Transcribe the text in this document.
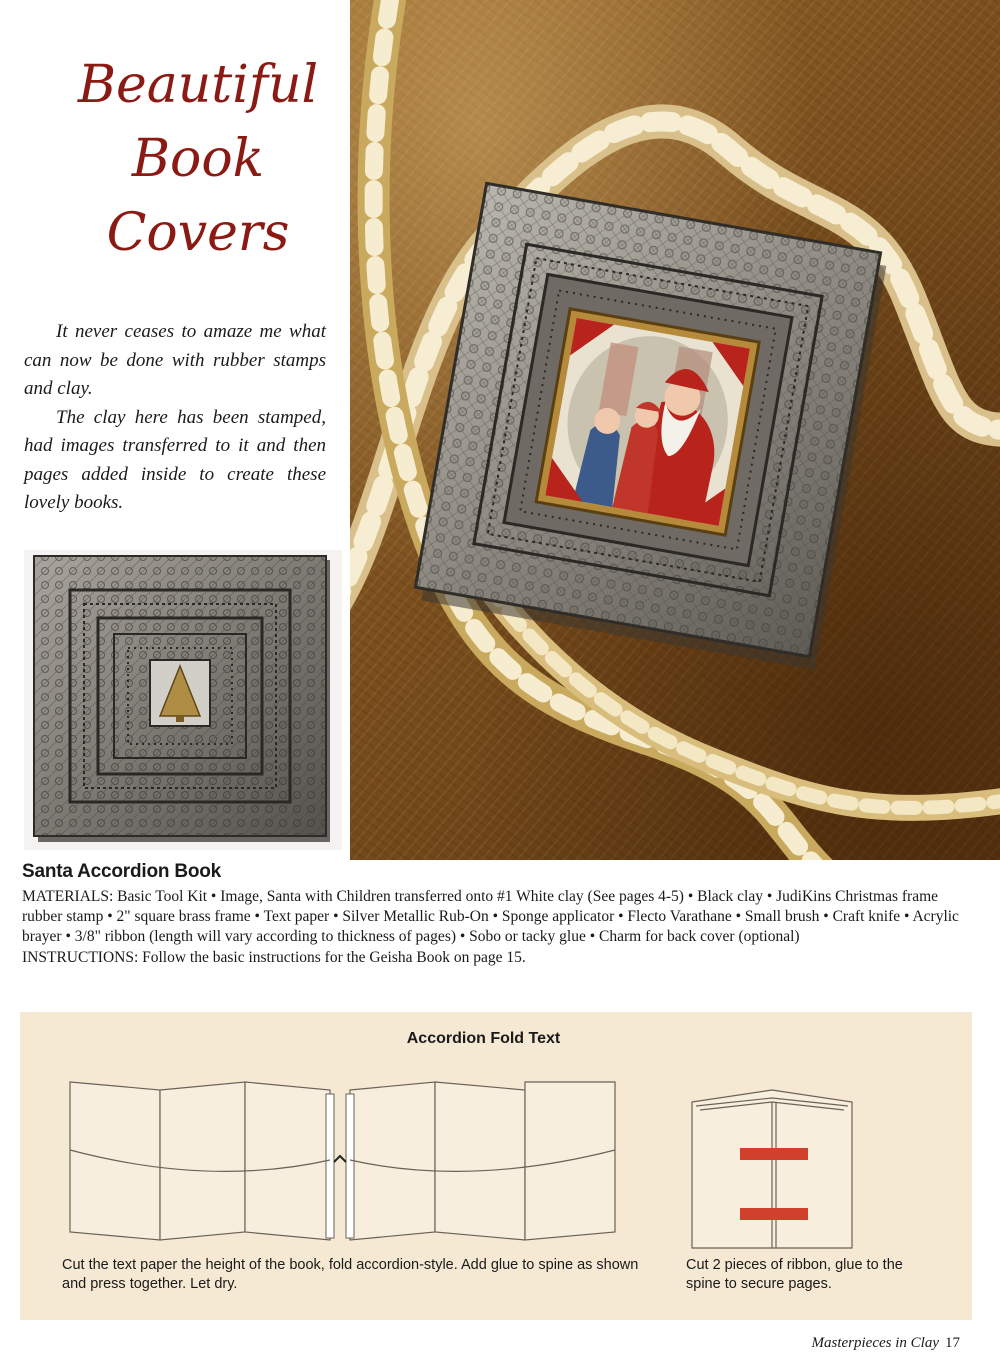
Beautiful
Book
Covers

It never ceases to amaze me what can now be done with rubber stamps and clay.

The clay here has been stamped, had images transferred to it and then pages added inside to create these lovely books.

Santa Accordion Book
MATERIALS: Basic Tool Kit • Image, Santa with Children transferred onto #1 White clay (See pages 4-5) • Black clay • JudiKins Christmas frame rubber stamp • 2" square brass frame • Text paper • Silver Metallic Rub-On • Sponge applicator • Flecto Varathane • Small brush • Craft knife • Acrylic brayer • 3/8" ribbon (length will vary according to thickness of pages) • Sobo or tacky glue • Charm for back cover (optional)
INSTRUCTIONS: Follow the basic instructions for the Geisha Book on page 15.
Accordion Fold Text
Cut the text paper the height of the book, fold accordion-style. Add glue to spine as shown and press together. Let dry.
Cut 2 pieces of ribbon, glue to the spine to secure pages.
Masterpieces in Clay 17
